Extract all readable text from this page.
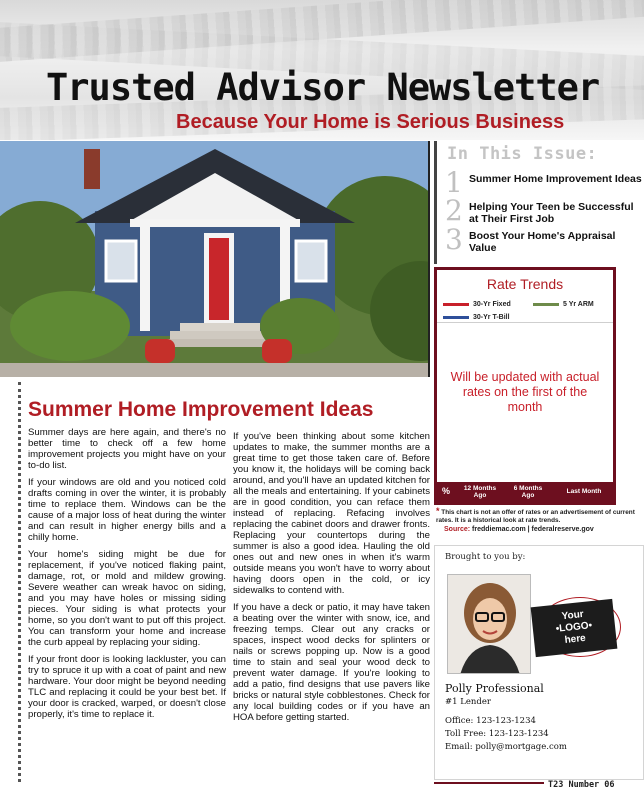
Trusted Advisor Newsletter
Because Your Home is Serious Business
In This Issue:
1 Summer Home Improvement Ideas
2 Helping Your Teen be Successful at Their First Job
3 Boost Your Home's Appraisal Value
Rate Trends
30-Yr Fixed	5 Yr ARM
30-Yr T-Bill
Will be updated with actual rates on the first of the month
%	12 Months Ago
6 Months Ago
Last Month
* This chart is not an offer of rates or an advertisement of current rates. It is a historical look at rate trends.
Source: freddiemac.com | federalreserve.gov
Brought to you by:
Your
•LOGO•
here
Polly Professional
#1 Lender
Office: 123-123-1234
Toll Free: 123-123-1234
Email: polly@mortgage.com
T23 Number 06
Summer Home Improvement Ideas

Summer days are here again, and there's no better time to check off a few home improvement projects you might have on your to-do list.

If your windows are old and you noticed cold drafts coming in over the winter, it is probably time to replace them. Windows can be the cause of a major loss of heat during the winter and can result in higher energy bills and a chilly home.

Your home's siding might be due for replacement, if you've noticed flaking paint, damage, rot, or mold and mildew growing. Severe weather can wreak havoc on siding, and you may have holes or missing siding pieces. Your siding is what protects your home, so you don't want to put off this project. You can transform your home and increase the curb appeal by replacing your siding.

If your front door is looking lackluster, you can try to spruce it up with a coat of paint and new hardware. Your door might be beyond needing TLC and replacing it could be your best bet. If your door is cracked, warped, or doesn't close properly, it's time to replace it.

If you've been thinking about some kitchen updates to make, the summer months are a great time to get those taken care of. Before you know it, the holidays will be coming back around, and you'll have an updated kitchen for all the meals and entertaining. If your cabinets are in good condition, you can reface them instead of replacing. Refacing involves replacing the cabinet doors and drawer fronts. Replacing your countertops during the summer is also a good idea. Hauling the old ones out and new ones in when it's warm outside means you won't have to worry about having doors open in the cold, or icy sidewalks to contend with.

If you have a deck or patio, it may have taken a beating over the winter with snow, ice, and freezing temps. Clear out any cracks or spaces, inspect wood decks for splinters or nails or screws popping up. Now is a good time to stain and seal your wood deck to prevent water damage. If you're looking to add a patio, find designs that use pavers like bricks or natural style cobblestones. Check for any local building codes or if you have an HOA before getting started.
